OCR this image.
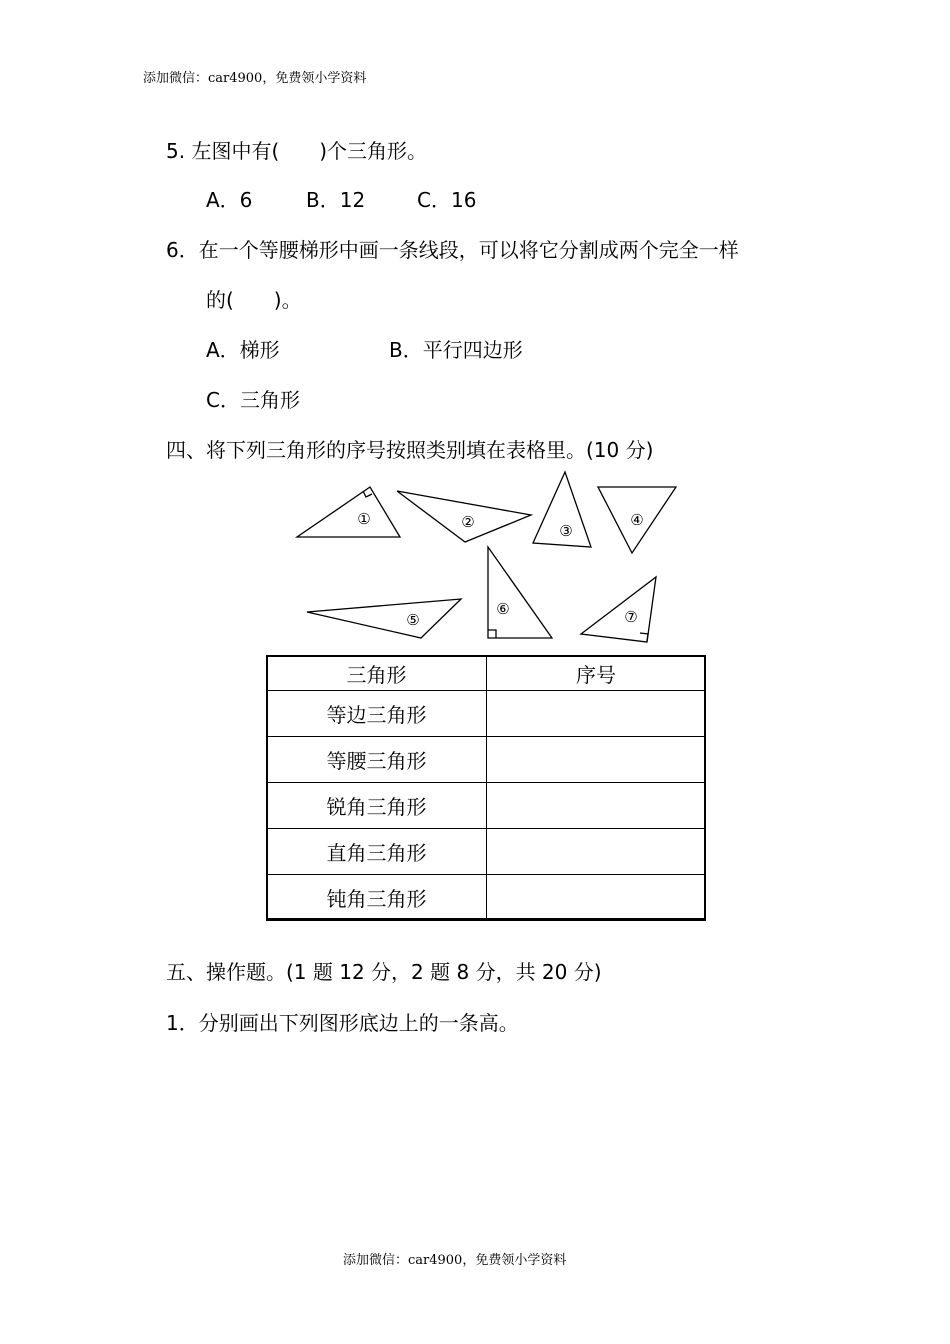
添加微信：car4900，免费领小学资料
5. 左图中有(　　)个三角形。
A．6	B．12	C．16
6．在一个等腰梯形中画一条线段，可以将它分割成两个完全一样
的(　　)。
A．梯形	B．平行四边形
C．三角形
四、将下列三角形的序号按照类别填在表格里。(10 分)
①	②	③
④
⑤
⑥	⑦
三角形	序号
等边三角形	
等腰三角形	
锐角三角形	
直角三角形	
钝角三角形	
五、操作题。(1 题 12 分，2 题 8 分，共 20 分)
1．分别画出下列图形底边上的一条高。
添加微信：car4900，免费领小学资料
